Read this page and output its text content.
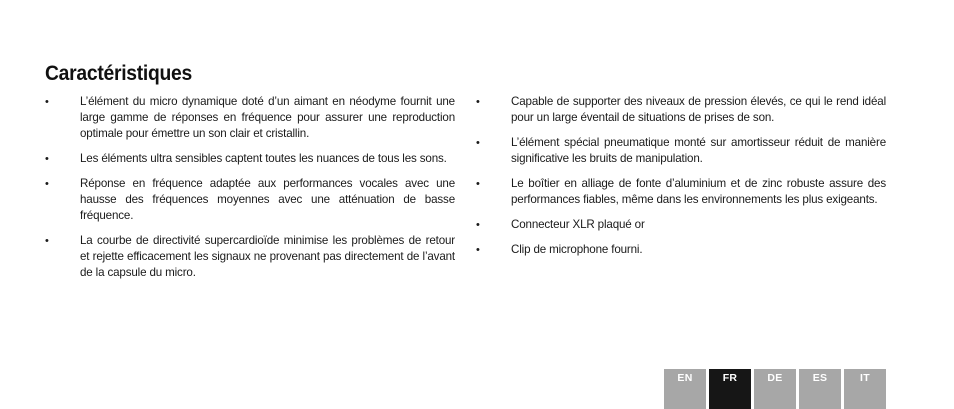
Caractéristiques
•	L’élément du micro dynamique doté d’un aimant en néodyme fournit une large gamme de réponses en fréquence pour assurer une reproduction optimale pour émettre un son clair et cristallin.
•	Les éléments ultra sensibles captent toutes les nuances de tous les sons.
•	Réponse en fréquence adaptée aux performances vocales avec une hausse des fréquences moyennes avec une atténuation de basse fréquence.
•	La courbe de directivité supercardioïde minimise les problèmes de retour et rejette efficacement les signaux ne provenant pas directement de l’avant de la capsule du micro.
•	Capable de supporter des niveaux de pression élevés, ce qui le rend idéal pour un large éventail de situations de prises de son.
•	L’élément spécial pneumatique monté sur amortisseur réduit de manière significative les bruits de manipulation.
•	Le boîtier en alliage de fonte d’aluminium et de zinc robuste assure des performances fiables, même dans les environnements les plus exigeants.
•	Connecteur XLR plaqué or
•	Clip de microphone fourni.
EN	FR	DE	ES	IT
